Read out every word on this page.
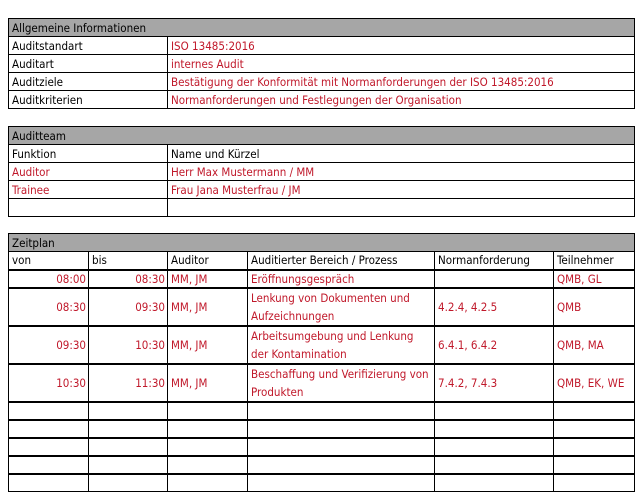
Allgemeine Informationen	
Auditstandart	ISO 13485:2016
Auditart	internes Audit
Auditziele	Bestätigung der Konformität mit Normanforderungen der ISO 13485:2016
Auditkriterien	Normanforderungen und Festlegungen der Organisation
Auditteam	
Funktion	Name und Kürzel
Auditor	Herr Max Mustermann / MM
Trainee	Frau Jana Musterfrau / JM

Zeitplan					
von	bis	Auditor	Auditierter Bereich / Prozess	Normanforderung	Teilnehmer
08:00	08:30	MM, JM	Eröffnungsgespräch		QMB, GL
08:30	09:30	MM, JM	Lenkung von Dokumenten und Aufzeichnungen	4.2.4, 4.2.5	QMB
09:30	10:30	MM, JM	Arbeitsumgebung und Lenkung der Kontamination	6.4.1, 6.4.2	QMB, MA
10:30	11:30	MM, JM	Beschaffung und Verifizierung von Produkten	7.4.2, 7.4.3	QMB, EK, WE
